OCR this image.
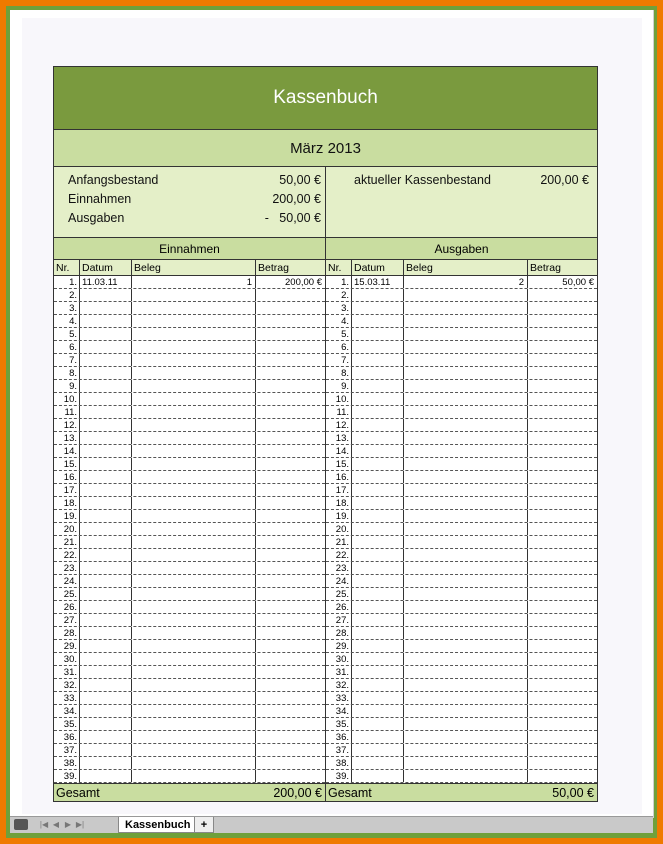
Kassenbuch
März 2013
Anfangsbestand	50,00 €
Einnahmen	200,00 €
Ausgaben	-   50,00 €
aktueller Kassenbestand	200,00 €
Einnahmen	Ausgaben
Nr.	Datum	Beleg	Betrag
1. 11.03.11	1	200,00 €
2.
3.
4.
5.
6.
7.
8.
9.
10.
11.
12.
13.
14.
15.
16.
17.
18.
19.
20.
21.
22.
23.
24.
25.
26.
27.
28.
29.
30.
31.
32.
33.
34.
35.
36.
37.
38.
39.
Nr.	Datum	Beleg	Betrag
1. 15.03.11	2	50,00 €
2.
3.
4.
5.
6.
7.
8.
9.
10.
11.
12.
13.
14.
15.
16.
17.
18.
19.
20.
21.
22.
23.
24.
25.
26.
27.
28.
29.
30.
31.
32.
33.
34.
35.
36.
37.
38.
39.
Gesamt	200,00 € Gesamt	50,00 €
|◀ ◀ ▶ ▶|	Kassenbuch +
